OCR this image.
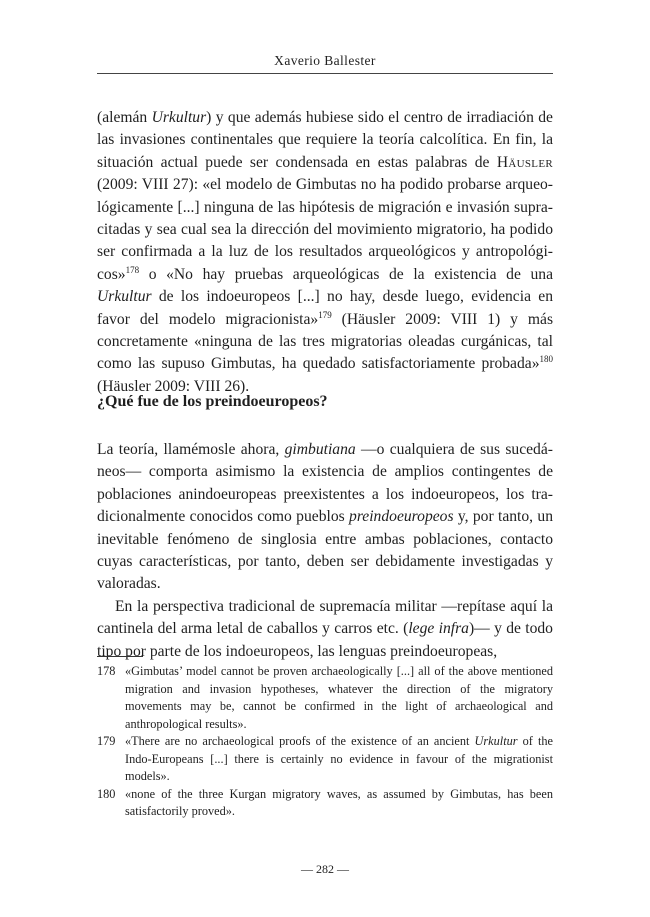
Xaverio Ballester

(alemán Urkultur) y que además hubiese sido el centro de irradiación de las invasiones continentales que requiere la teoría calcolítica. En fin, la situación actual puede ser condensada en estas palabras de Häusler (2009: VIII 27): «el modelo de Gimbutas no ha podido probarse arqueológicamente [...] ninguna de las hipótesis de migración e invasión supracitadas y sea cual sea la dirección del movimiento migratorio, ha podido ser confirmada a la luz de los resultados arqueológicos y antropológicos»$^{178}$ o «No hay pruebas arqueológicas de la existencia de una Urkultur de los indoeuropeos [...] no hay, desde luego, evidencia en favor del modelo migracionista»$^{179}$ (Häusler 2009: VIII 1) y más concretamente «ninguna de las tres migratorias oleadas curgánicas, tal como las supuso Gimbutas, ha quedado satisfactoriamente probada»$^{180}$ (Häusler 2009: VIII 26).

¿Qué fue de los preindoeuropeos?

La teoría, llamémosle ahora, gimbutiana —o cualquiera de sus sucedáneos— comporta asimismo la existencia de amplios contingentes de poblaciones anindoeuropeas preexistentes a los indoeuropeos, los tradicionalmente conocidos como pueblos preindoeuropeos y, por tanto, un inevitable fenómeno de singlosia entre ambas poblaciones, contacto cuyas características, por tanto, deben ser debidamente investigadas y valoradas.

En la perspectiva tradicional de supremacía militar —repítase aquí la cantinela del arma letal de caballos y carros etc. (lege infra)— y de todo tipo por parte de los indoeuropeos, las lenguas preindoeuropeas,

178 «Gimbutas’ model cannot be proven archaeologically [...] all of the above mentioned migration and invasion hypotheses, whatever the direction of the migratory movements may be, cannot be confirmed in the light of archaeological and anthropological results».
179 «There are no archaeological proofs of the existence of an ancient Urkultur of the Indo-Europeans [...] there is certainly no evidence in favour of the migrationist models».
180 «none of the three Kurgan migratory waves, as assumed by Gimbutas, has been satisfactorily proved».
— 282 —
